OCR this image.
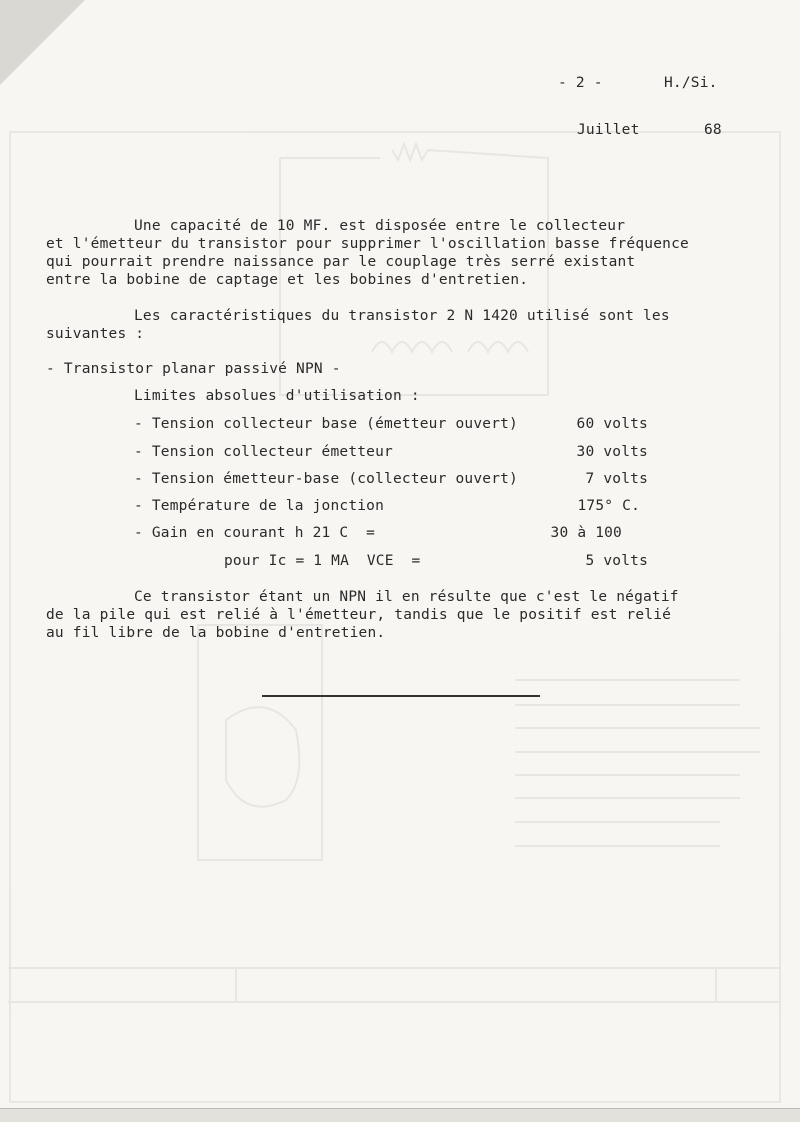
- 2 -	H./Si.
Juillet	68
Une capacité de 10 MF. est disposée entre le collecteur
et l'émetteur du transistor pour supprimer l'oscillation basse fréquence
qui pourrait prendre naissance par le couplage très serré existant
entre la bobine de captage et les bobines d'entretien.
Les caractéristiques du transistor 2 N 1420 utilisé sont les
suivantes :
- Transistor planar passivé NPN -
Limites absolues d'utilisation :
- Tension collecteur base (émetteur ouvert)	60 volts
- Tension collecteur émetteur	30 volts
- Tension émetteur-base (collecteur ouvert)	7 volts
- Température de la jonction	175° C.
- Gain en courant h 21 C  =	30 à 100
pour Ic = 1 MA  VCE  =	5 volts
Ce transistor étant un NPN il en résulte que c'est le négatif
de la pile qui est relié à l'émetteur, tandis que le positif est relié
au fil libre de la bobine d'entretien.
